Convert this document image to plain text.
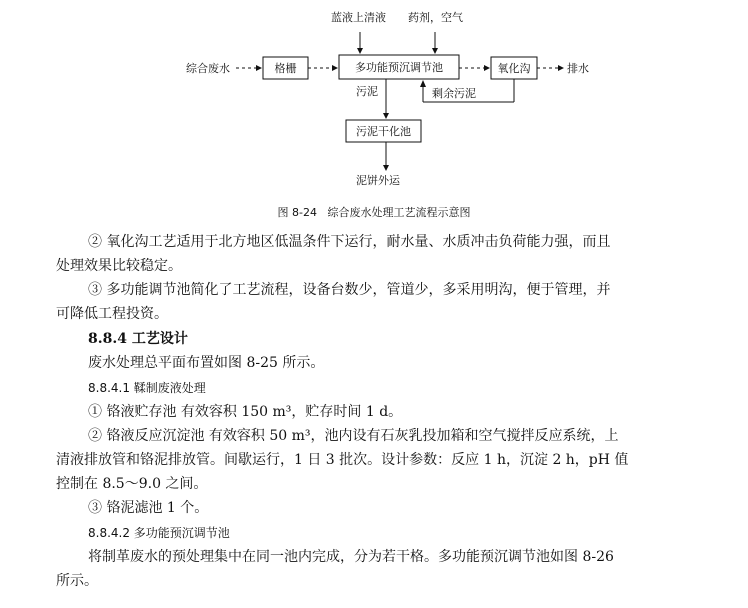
蓝液上清液 药剂，空气
综合废水	格栅	多功能预沉调节池	氧化沟	排水
剩余污泥
污泥
污泥干化池
泥饼外运
图 8-24   综合废水处理工艺流程示意图
② 氧化沟工艺适用于北方地区低温条件下运行，耐水量、水质冲击负荷能力强，而且
处理效果比较稳定。
③ 多功能调节池简化了工艺流程，设备台数少，管道少，多采用明沟，便于管理，并
可降低工程投资。
8.8.4 工艺设计
废水处理总平面布置如图 8-25 所示。
8.8.4.1 鞣制废液处理
① 铬液贮存池 有效容积 150 m³，贮存时间 1 d。
② 铬液反应沉淀池 有效容积 50 m³，池内设有石灰乳投加箱和空气搅拌反应系统，上
清液排放管和铬泥排放管。间歇运行，1 日 3 批次。设计参数：反应 1 h，沉淀 2 h，pH 值
控制在 8.5～9.0 之间。
③ 铬泥滤池 1 个。
8.8.4.2 多功能预沉调节池
将制革废水的预处理集中在同一池内完成，分为若干格。多功能预沉调节池如图 8-26
所示。
